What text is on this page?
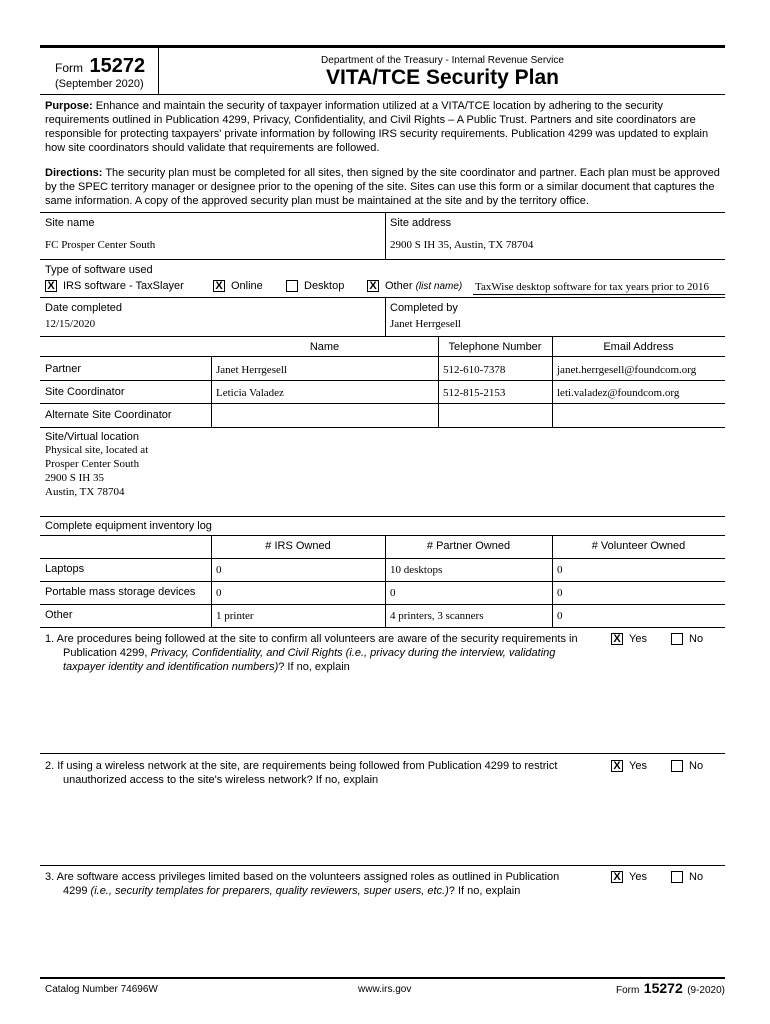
Form 15272
(September 2020)
Department of the Treasury - Internal Revenue Service
VITA/TCE Security Plan
Purpose: Enhance and maintain the security of taxpayer information utilized at a VITA/TCE location by adhering to the security requirements outlined in Publication 4299, Privacy, Confidentiality, and Civil Rights – A Public Trust. Partners and site coordinators are responsible for protecting taxpayers' private information by following IRS security requirements. Publication 4299 was updated to explain how site coordinators should validate that requirements are followed.
Directions: The security plan must be completed for all sites, then signed by the site coordinator and partner. Each plan must be approved by the SPEC territory manager or designee prior to the opening of the site. Sites can use this form or a similar document that captures the same information. A copy of the approved security plan must be maintained at the site and by the territory office.
Site name
FC Prosper Center South
Site address
2900 S IH 35, Austin, TX 78704
Type of software used
X IRS software - TaxSlayer	X Online	Desktop X Other (list name) TaxWise desktop software for tax years prior to 2016
Date completed
12/15/2020
Completed by
Janet Herrgesell
Name	Telephone Number	Email Address
Partner	Janet Herrgesell	512-610-7378	janet.herrgesell@foundcom.org
Site Coordinator	Leticia Valadez	512-815-2153	leti.valadez@foundcom.org
Alternate Site Coordinator
Site/Virtual location
Physical site, located at
Prosper Center South
2900 S IH 35
Austin, TX 78704
Complete equipment inventory log
# IRS Owned	# Partner Owned	# Volunteer Owned
Laptops	0	10 desktops	0
Portable mass storage devices 0	0	0
Other	1 printer	4 printers, 3 scanners	0
1. Are procedures being followed at the site to confirm all volunteers are aware of the security requirements in
Publication 4299, Privacy, Confidentiality, and Civil Rights (i.e., privacy during the interview, validating
taxpayer identity and identification numbers)? If no, explain
X Yes	No
2. If using a wireless network at the site, are requirements being followed from Publication 4299 to restrict
unauthorized access to the site's wireless network? If no, explain
X Yes	No
3. Are software access privileges limited based on the volunteers assigned roles as outlined in Publication
4299 (i.e., security templates for preparers, quality reviewers, super users, etc.)? If no, explain
X Yes	No
Catalog Number 74696W	www.irs.gov	Form 15272 (9-2020)
